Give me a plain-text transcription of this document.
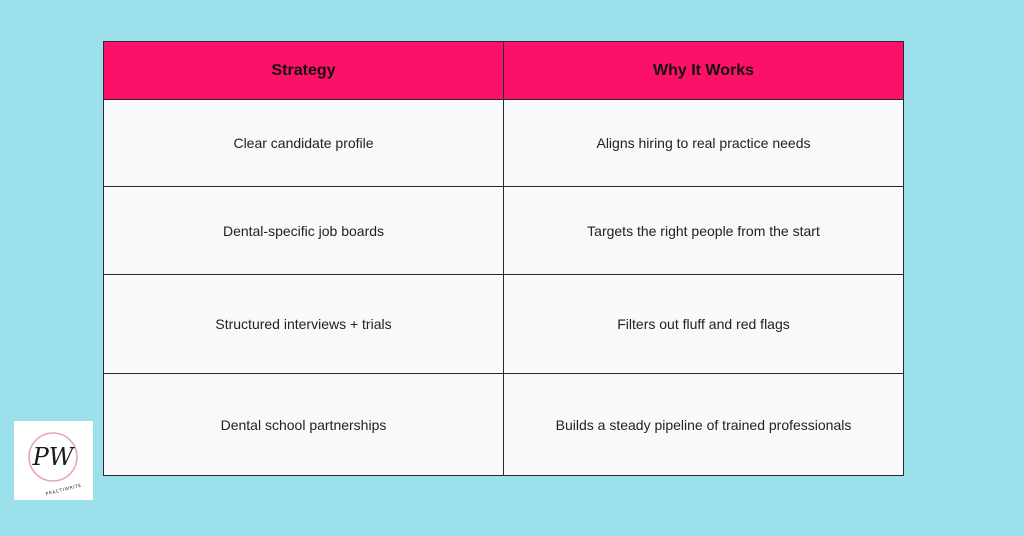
Strategy	Why It Works
Clear candidate profile	Aligns hiring to real practice needs
Dental-specific job boards	Targets the right people from the start
Structured interviews + trials	Filters out fluff and red flags
Dental school partnerships	Builds a steady pipeline of trained professionals
PW
PRACTIWRITE
